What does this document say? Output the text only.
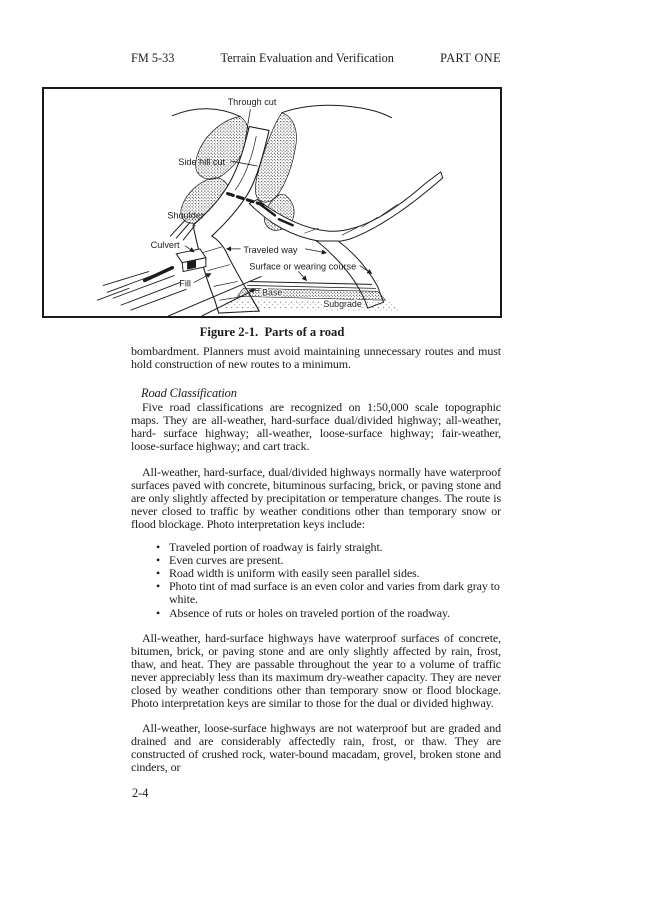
FM 5-33	Terrain Evaluation and Verification	PART ONE
Through cut
Side hill cut
Shoulder
Culvert	Traveled way
Surface or wearing course
Fill
Base
Subgrade
Figure 2-1.  Parts of a road

bombardment. Planners must avoid maintaining unnecessary routes and must hold construction of new routes to a minimum.

Road Classification

Five road classifications are recognized on 1:50,000 scale topographic maps. They are all-weather, hard-surface dual/divided highway; all-weather, hard- surface highway; all-weather, loose-surface highway; fair-weather, loose-surface highway; and cart track.

All-weather, hard-surface, dual/divided highways normally have waterproof surfaces paved with concrete, bituminous surfacing, brick, or paving stone and are only slightly affected by precipitation or temperature changes. The route is never closed to traffic by weather conditions other than temporary snow or flood blockage. Photo interpretation keys include:

• Traveled portion of roadway is fairly straight.
• Even curves are present.
• Road width is uniform with easily seen parallel sides.
• Photo tint of mad surface is an even color and varies from dark gray to white.
• Absence of ruts or holes on traveled portion of the roadway.

All-weather, hard-surface highways have waterproof surfaces of concrete, bitumen, brick, or paving stone and are only slightly affected by rain, frost, thaw, and heat. They are passable throughout the year to a volume of traffic never appreciably less than its maximum dry-weather capacity. They are never closed by weather conditions other than temporary snow or flood blockage. Photo interpretation keys are similar to those for the dual or divided highway.

All-weather, loose-surface highways are not waterproof but are graded and drained and are considerably affectedly rain, frost, or thaw. They are constructed of crushed rock, water-bound macadam, grovel, broken stone and cinders, or

2-4
